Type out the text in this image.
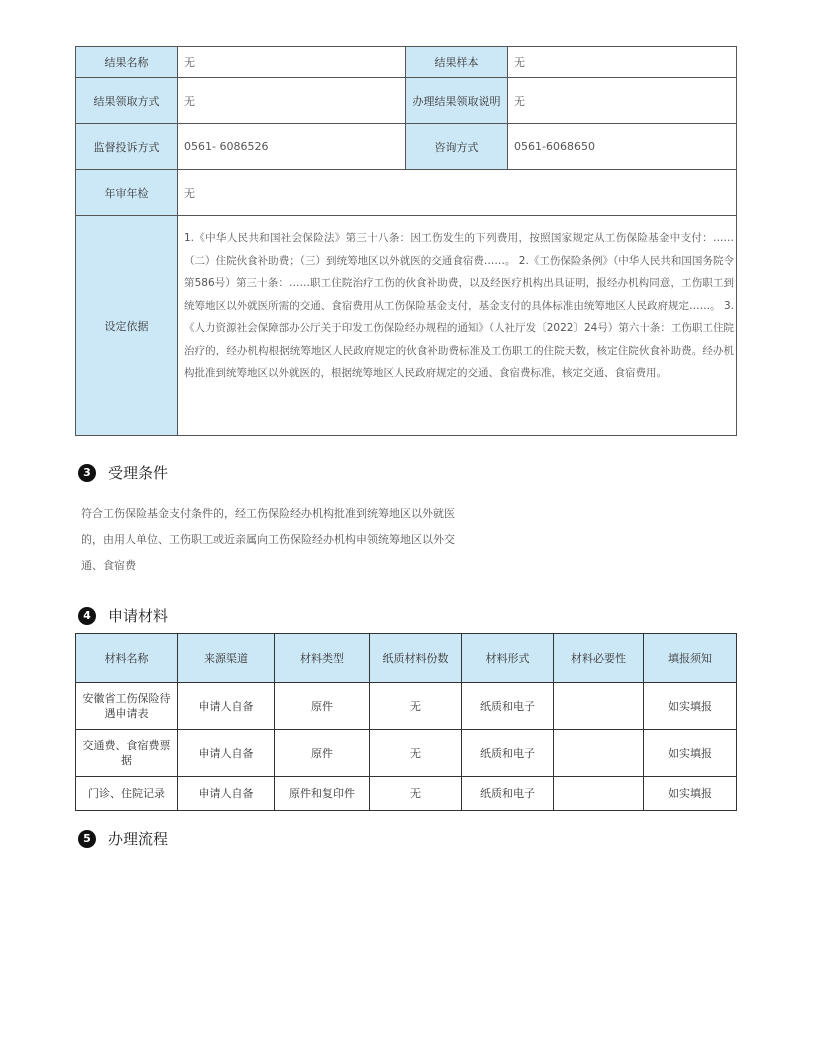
结果名称	无	结果样本	无
结果领取方式	无	办理结果领取说明	无
监督投诉方式	0561- 6086526	咨询方式	0561-6068650
年审年检	无		
设定依据	1.《中华人民共和国社会保险法》第三十八条：因工伤发生的下列费用，按照国家规定从工伤保险基金中支付：……（二）住院伙食补助费；（三）到统筹地区以外就医的交通食宿费……。 2.《工伤保险条例》（中华人民共和国国务院令第586号）第三十条：……职工住院治疗工伤的伙食补助费，以及经医疗机构出具证明，报经办机构同意，工伤职工到统筹地区以外就医所需的交通、食宿费用从工伤保险基金支付，基金支付的具体标准由统筹地区人民政府规定……。 3.《人力资源社会保障部办公厅关于印发工伤保险经办规程的通知》（人社厅发〔2022〕24号）第六十条：工伤职工住院治疗的，经办机构根据统筹地区人民政府规定的伙食补助费标准及工伤职工的住院天数，核定住院伙食补助费。经办机构批准到统筹地区以外就医的，根据统筹地区人民政府规定的交通、食宿费标准，核定交通、食宿费用。		
3	受理条件
符合工伤保险基金支付条件的，经工伤保险经办机构批准到统筹地区以外就医的，由用人单位、工伤职工或近亲属向工伤保险经办机构申领统筹地区以外交通、食宿费
4	申请材料
材料名称	来源渠道	材料类型	纸质材料份数	材料形式	材料必要性	填报须知
安徽省工伤保险待遇申请表	申请人自备	原件	无	纸质和电子		如实填报
交通费、食宿费票据	申请人自备	原件	无	纸质和电子		如实填报
门诊、住院记录	申请人自备	原件和复印件	无	纸质和电子		如实填报
5	办理流程
